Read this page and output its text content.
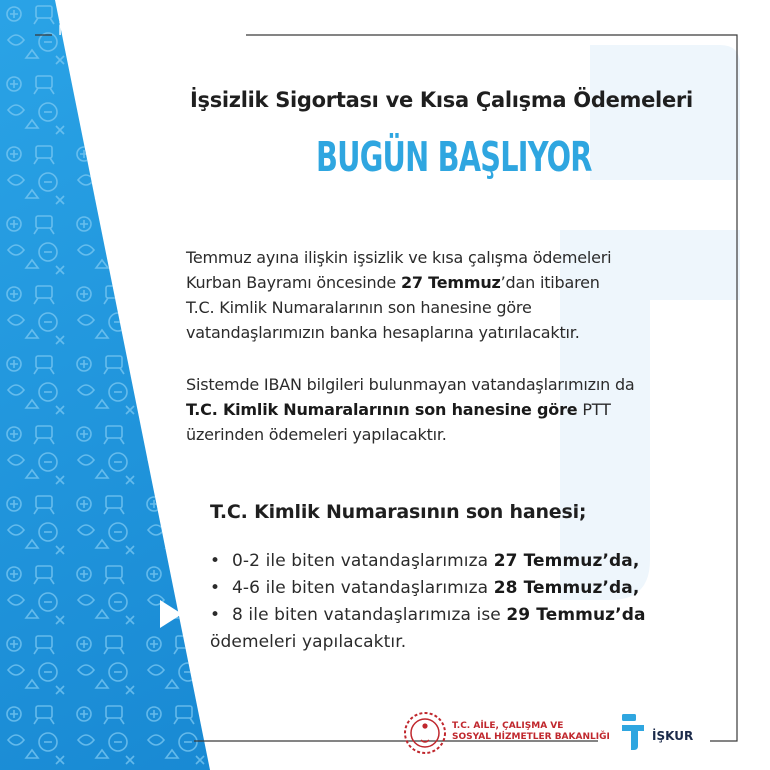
İŞKUR Daima Yanınızda
İşsizlik Sigortası ve Kısa Çalışma Ödemeleri
BUGÜN BAŞLIYOR
Temmuz ayına ilişkin işsizlik ve kısa çalışma ödemeleri
Kurban Bayramı öncesinde 27 Temmuz’dan itibaren
T.C. Kimlik Numaralarının son hanesine göre
vatandaşlarımızın banka hesaplarına yatırılacaktır.
Sistemde IBAN bilgileri bulunmayan vatandaşlarımızın da
T.C. Kimlik Numaralarının son hanesine göre PTT
üzerinden ödemeleri yapılacaktır.
T.C. Kimlik Numarasının son hanesi;
• 0-2 ile biten vatandaşlarımıza 27 Temmuz’da,
• 4-6 ile biten vatandaşlarımıza 28 Temmuz’da,
• 8 ile biten vatandaşlarımıza ise 29 Temmuz’da
ödemeleri yapılacaktır.
T.C. AİLE, ÇALIŞMA VE
SOSYAL HİZMETLER BAKANLIĞI	İŞKUR
